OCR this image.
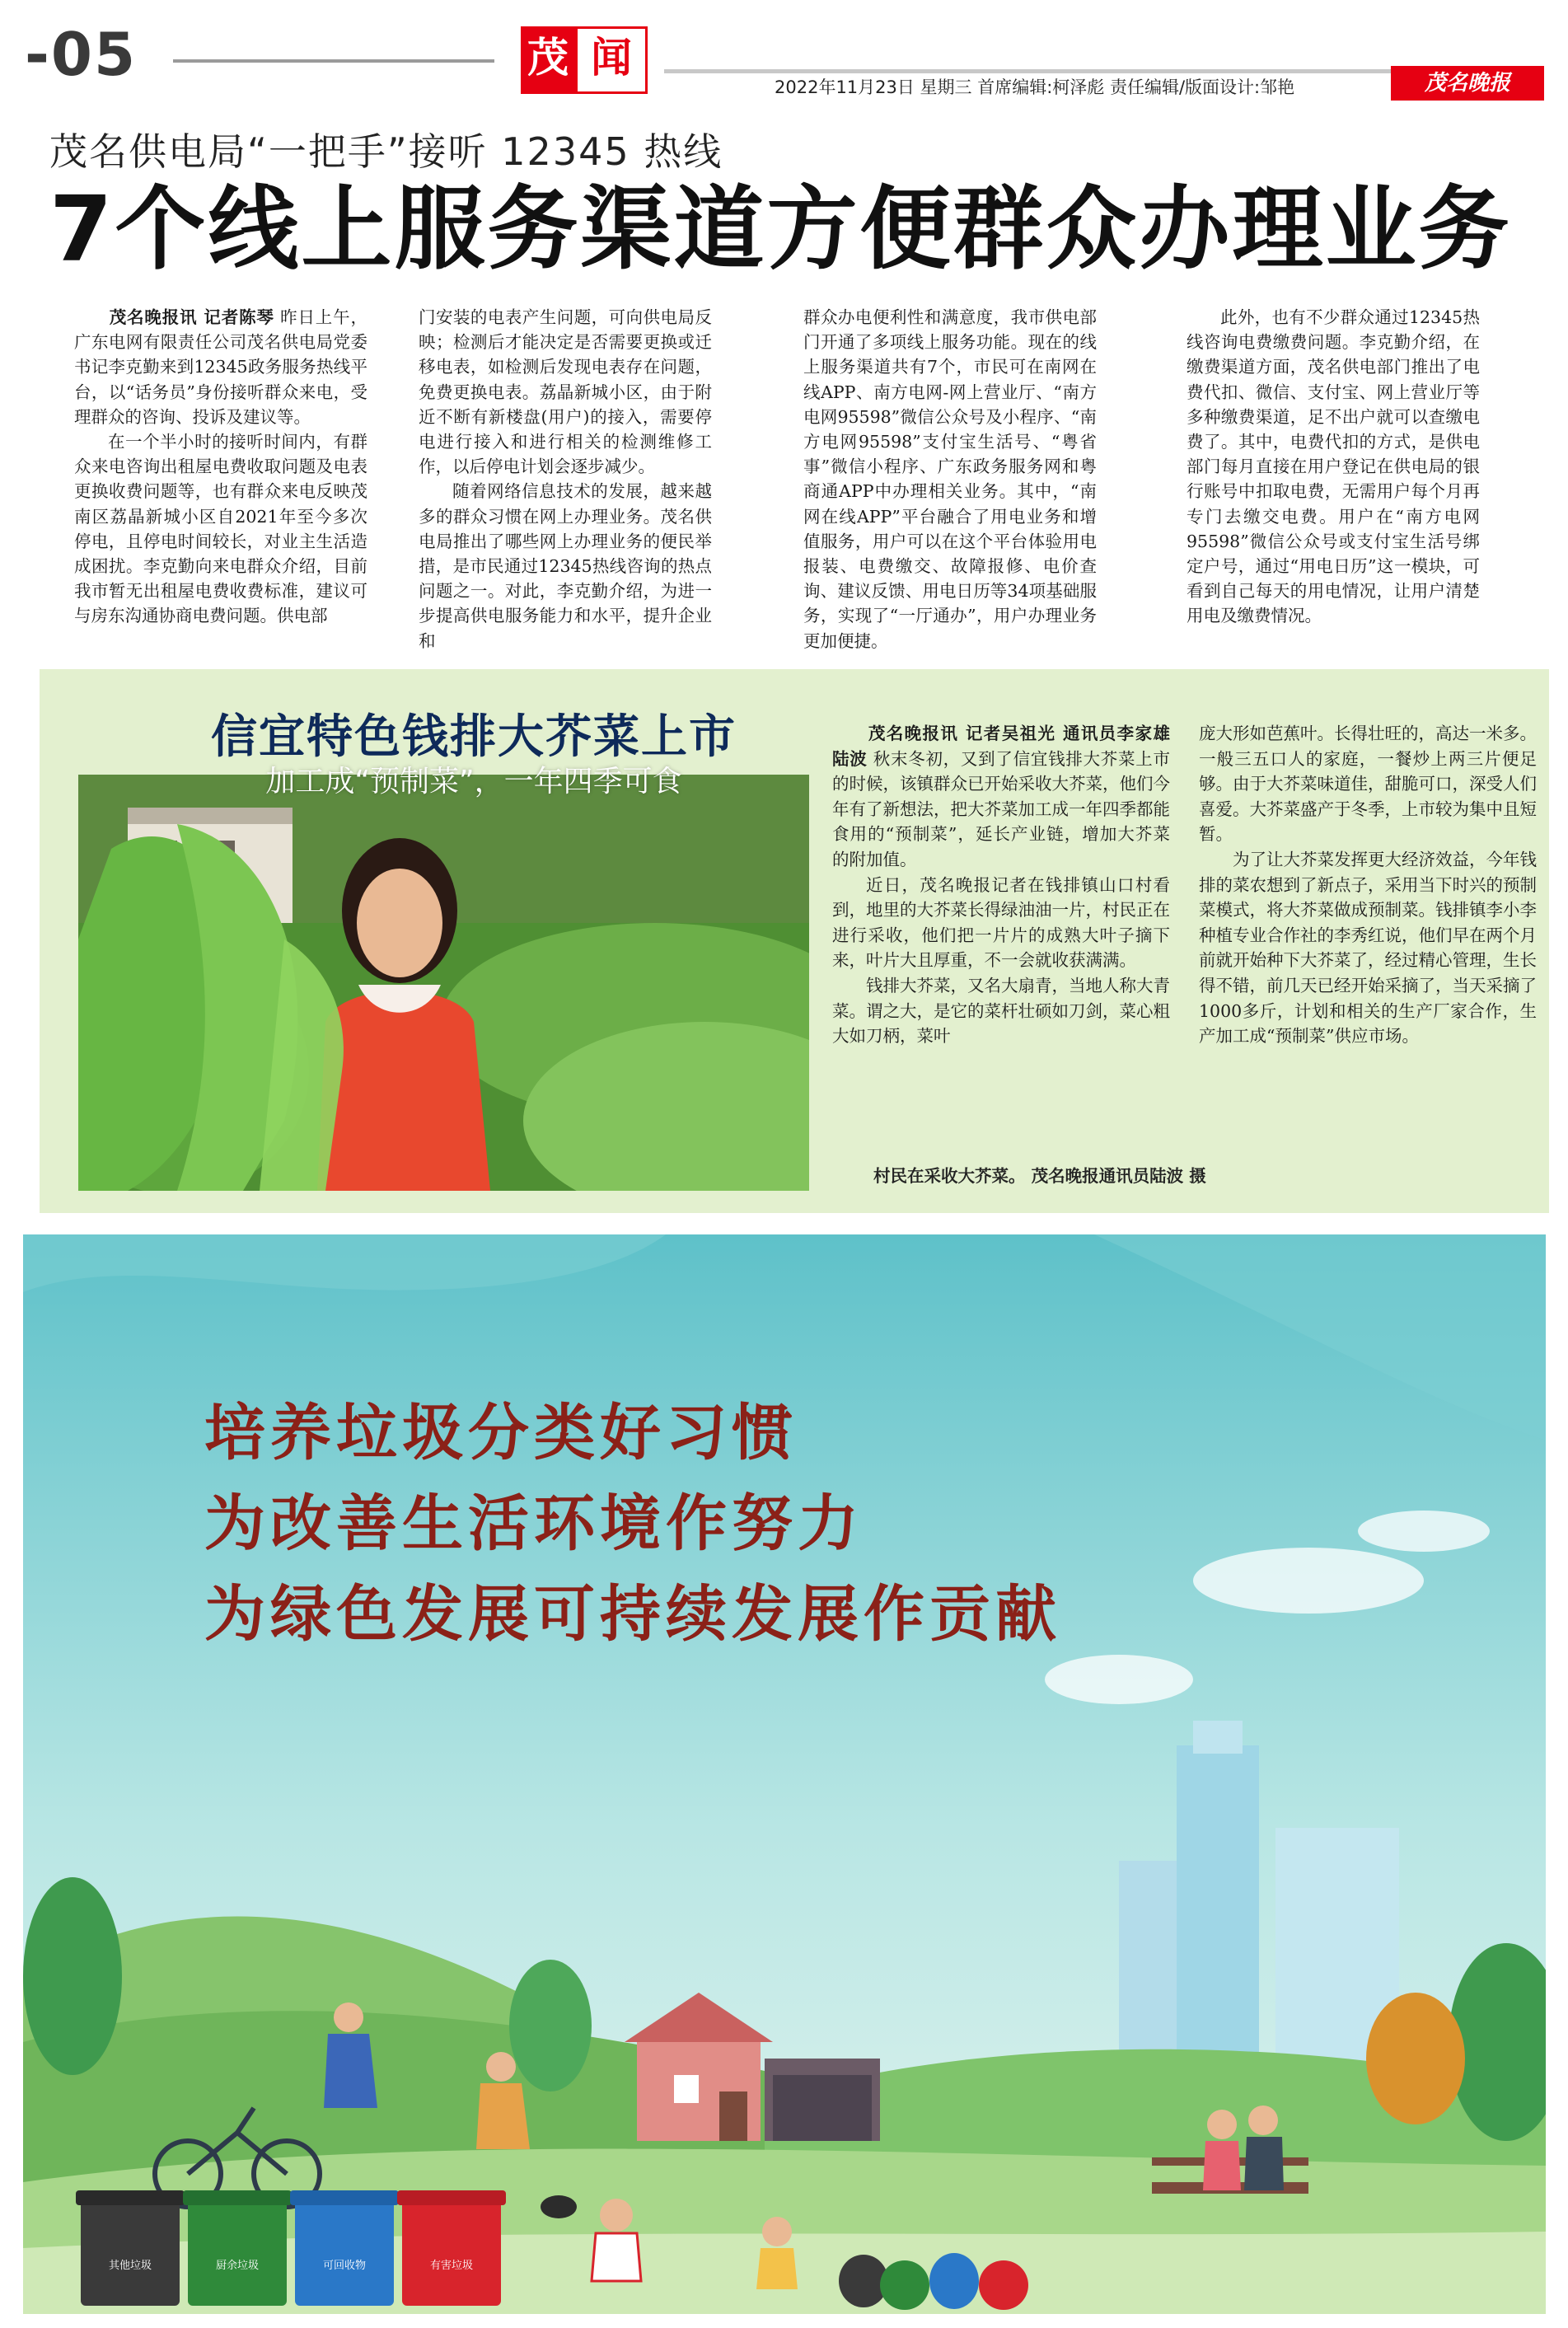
-05	茂 闻
2022年11月23日 星期三 首席编辑:柯泽彪 责任编辑/版面设计:邹艳	茂名晚报
茂名供电局“一把手”接听 12345 热线
7个线上服务渠道方便群众办理业务

　　茂名晚报讯 记者陈琴 昨日上午，广东电网有限责任公司茂名供电局党委书记李克勤来到12345政务服务热线平台，以“话务员”身份接听群众来电，受理群众的咨询、投诉及建议等。

在一个半小时的接听时间内，有群众来电咨询出租屋电费收取问题及电表更换收费问题等，也有群众来电反映茂南区荔晶新城小区自2021年至今多次停电，且停电时间较长，对业主生活造成困扰。李克勤向来电群众介绍，目前我市暂无出租屋电费收费标准，建议可与房东沟通协商电费问题。供电部

门安装的电表产生问题，可向供电局反映；检测后才能决定是否需要更换或迁移电表，如检测后发现电表存在问题，免费更换电表。荔晶新城小区，由于附近不断有新楼盘(用户)的接入，需要停电进行接入和进行相关的检测维修工作，以后停电计划会逐步减少。

随着网络信息技术的发展，越来越多的群众习惯在网上办理业务。茂名供电局推出了哪些网上办理业务的便民举措，是市民通过12345热线咨询的热点问题之一。对此，李克勤介绍，为进一步提高供电服务能力和水平，提升企业和

群众办电便利性和满意度，我市供电部门开通了多项线上服务功能。现在的线上服务渠道共有7个，市民可在南网在线APP、南方电网-网上营业厅、“南方电网95598”微信公众号及小程序、“南方电网95598”支付宝生活号、“粤省事”微信小程序、广东政务服务网和粤商通APP中办理相关业务。其中，“南网在线APP”平台融合了用电业务和增值服务，用户可以在这个平台体验用电报装、电费缴交、故障报修、电价查询、建议反馈、用电日历等34项基础服务，实现了“一厅通办”，用户办理业务更加便捷。

此外，也有不少群众通过12345热线咨询电费缴费问题。李克勤介绍，在缴费渠道方面，茂名供电部门推出了电费代扣、微信、支付宝、网上营业厅等多种缴费渠道，足不出户就可以查缴电费了。其中，电费代扣的方式，是供电部门每月直接在用户登记在供电局的银行账号中扣取电费，无需用户每个月再专门去缴交电费。用户在“南方电网95598”微信公众号或支付宝生活号绑定户号，通过“用电日历”这一模块，可看到自己每天的用电情况，让用户清楚用电及缴费情况。

信宜特色钱排大芥菜上市
加工成“预制菜”，一年四季可食

　　茂名晚报讯 记者吴祖光 通讯员李家雄 陆波 秋末冬初，又到了信宜钱排大芥菜上市的时候，该镇群众已开始采收大芥菜，他们今年有了新想法，把大芥菜加工成一年四季都能食用的“预制菜”，延长产业链，增加大芥菜的附加值。

近日，茂名晚报记者在钱排镇山口村看到，地里的大芥菜长得绿油油一片，村民正在进行采收，他们把一片片的成熟大叶子摘下来，叶片大且厚重，不一会就收获满满。

钱排大芥菜，又名大扇青，当地人称大青菜。谓之大，是它的菜杆壮硕如刀剑，菜心粗大如刀柄，菜叶

庞大形如芭蕉叶。长得壮旺的，高达一米多。一般三五口人的家庭，一餐炒上两三片便足够。由于大芥菜味道佳，甜脆可口，深受人们喜爱。大芥菜盛产于冬季，上市较为集中且短暂。

为了让大芥菜发挥更大经济效益，今年钱排的菜农想到了新点子，采用当下时兴的预制菜模式，将大芥菜做成预制菜。钱排镇李小李种植专业合作社的李秀红说，他们早在两个月前就开始种下大芥菜了，经过精心管理，生长得不错，前几天已经开始采摘了，当天采摘了1000多斤，计划和相关的生产厂家合作，生产加工成“预制菜”供应市场。

村民在采收大芥菜。 茂名晚报通讯员陆波 摄
其他垃圾	厨余垃圾	可回收物	有害垃圾
培养垃圾分类好习惯
为改善生活环境作努力
为绿色发展可持续发展作贡献
